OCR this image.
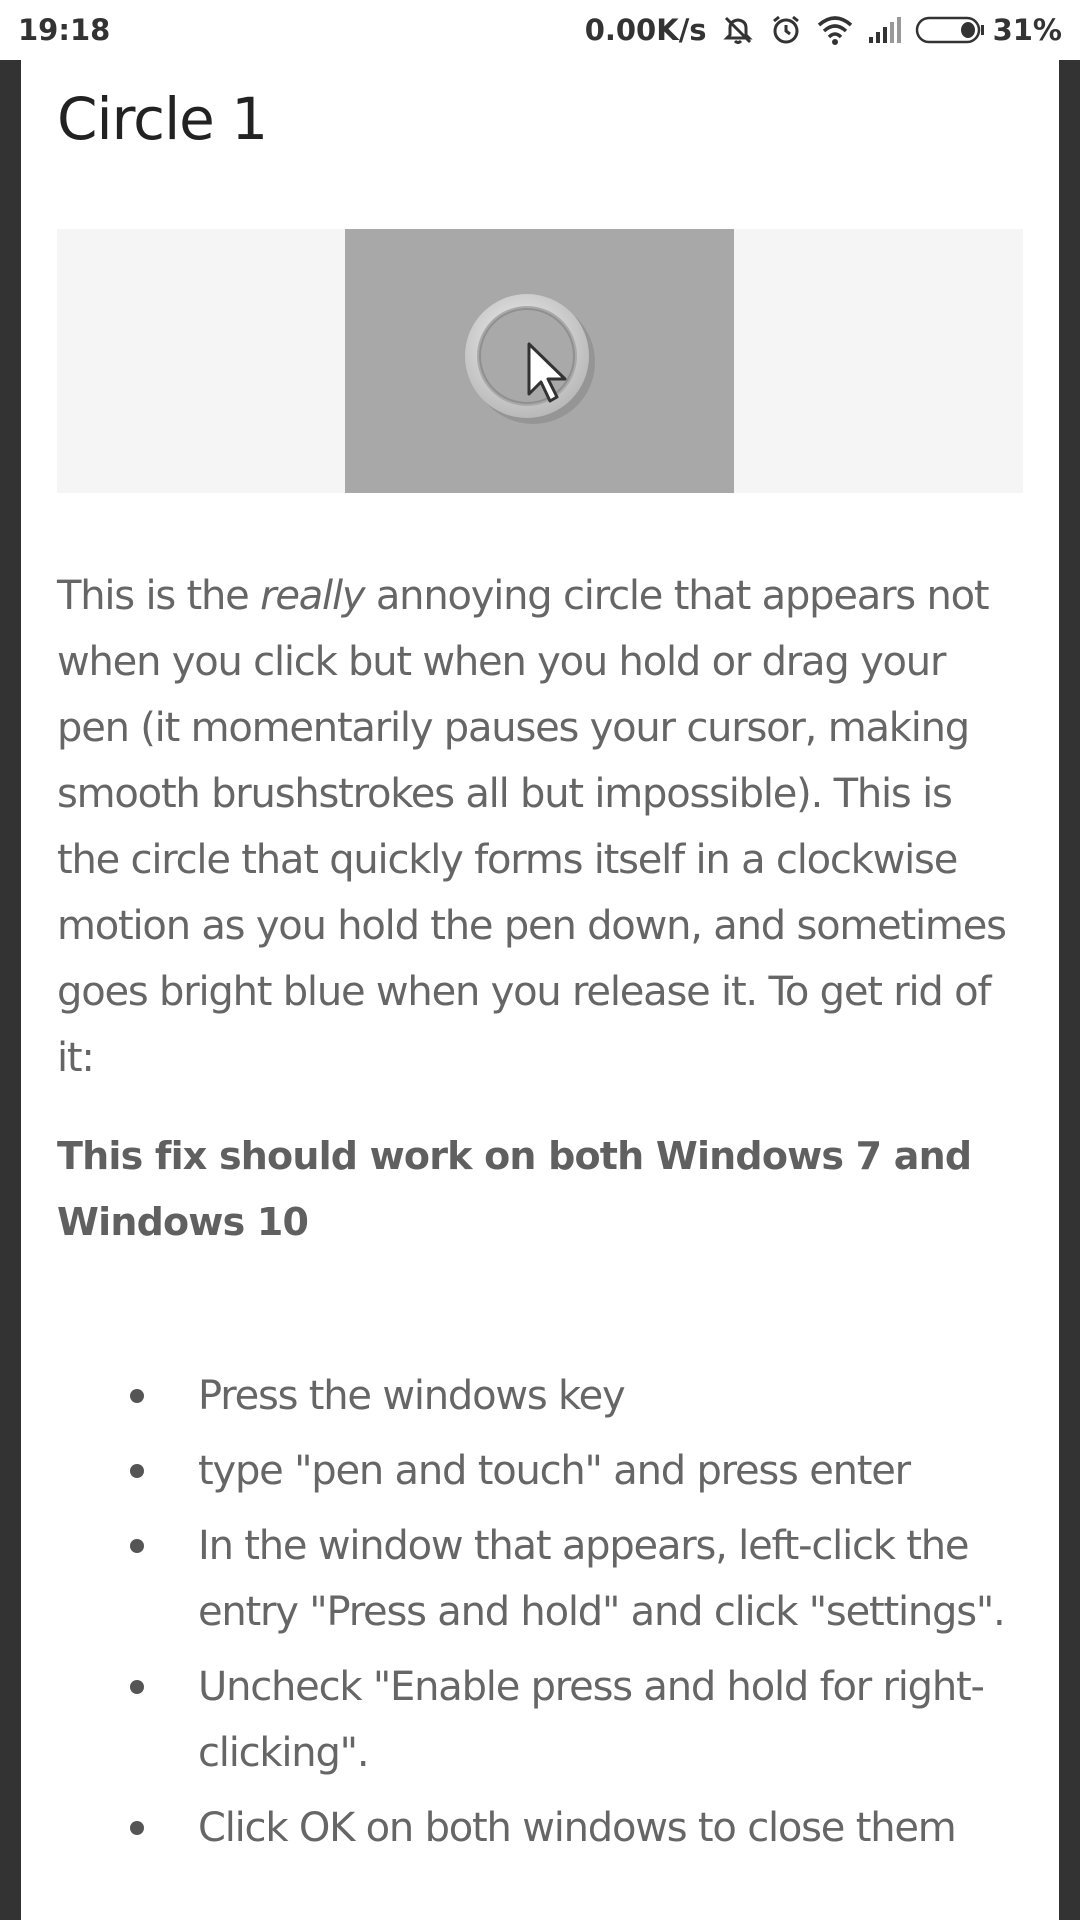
19:18	0.00K/s	31%
Circle 1

This is the really annoying circle that appears not when you click but when you hold or drag your pen (it momentarily pauses your cursor, making smooth brushstrokes all but impossible). This is the circle that quickly forms itself in a clockwise motion as you hold the pen down, and sometimes goes bright blue when you release it. To get rid of it:

This fix should work on both Windows 7 and Windows 10

Press the windows key
type "pen and touch" and press enter
In the window that appears, left-click the entry "Press and hold" and click "settings".
Uncheck "Enable press and hold for right-clicking".
Click OK on both windows to close them
